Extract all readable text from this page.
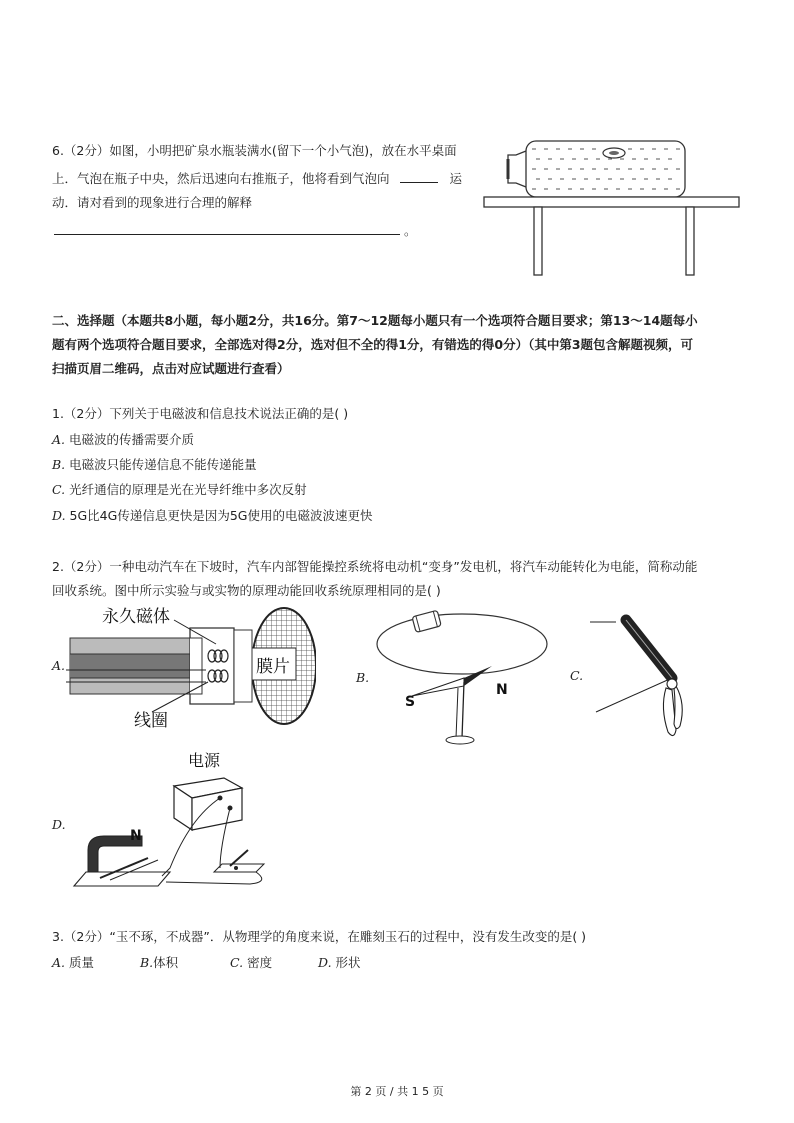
6.（2分）如图，小明把矿泉水瓶装满水(留下一个小气泡)，放在水平桌面
上．气泡在瓶子中央，然后迅速向右推瓶子，他将看到气泡向	运
动．请对看到的现象进行合理的解释
。
二、选择题（本题共8小题，每小题2分，共16分。第7～12题每小题只有一个选项符合题目要求；第13～14题每小
题有两个选项符合题目要求，全部选对得2分，选对但不全的得1分，有错选的得0分）（其中第3题包含解题视频，可
扫描页眉二维码，点击对应试题进行查看）
1.（2分）下列关于电磁波和信息技术说法正确的是( )
A. 电磁波的传播需要介质
B. 电磁波只能传递信息不能传递能量
C. 光纤通信的原理是光在光导纤维中多次反射
D. 5G比4G传递信息更快是因为5G使用的电磁波波速更快
2.（2分）一种电动汽车在下坡时，汽车内部智能操控系统将电动机“变身”发电机，将汽车动能转化为电能，简称动能
回收系统。图中所示实验与或实物的原理动能回收系统原理相同的是( )
A.
永久磁体
膜片
线圈
B.
S
N
C.
D.
电源
N
3.（2分）“玉不琢，不成器”．从物理学的角度来说，在雕刻玉石的过程中，没有发生改变的是( )
A. 质量	B.体积	C. 密度	D. 形状
第 2 页 / 共 1 5 页
